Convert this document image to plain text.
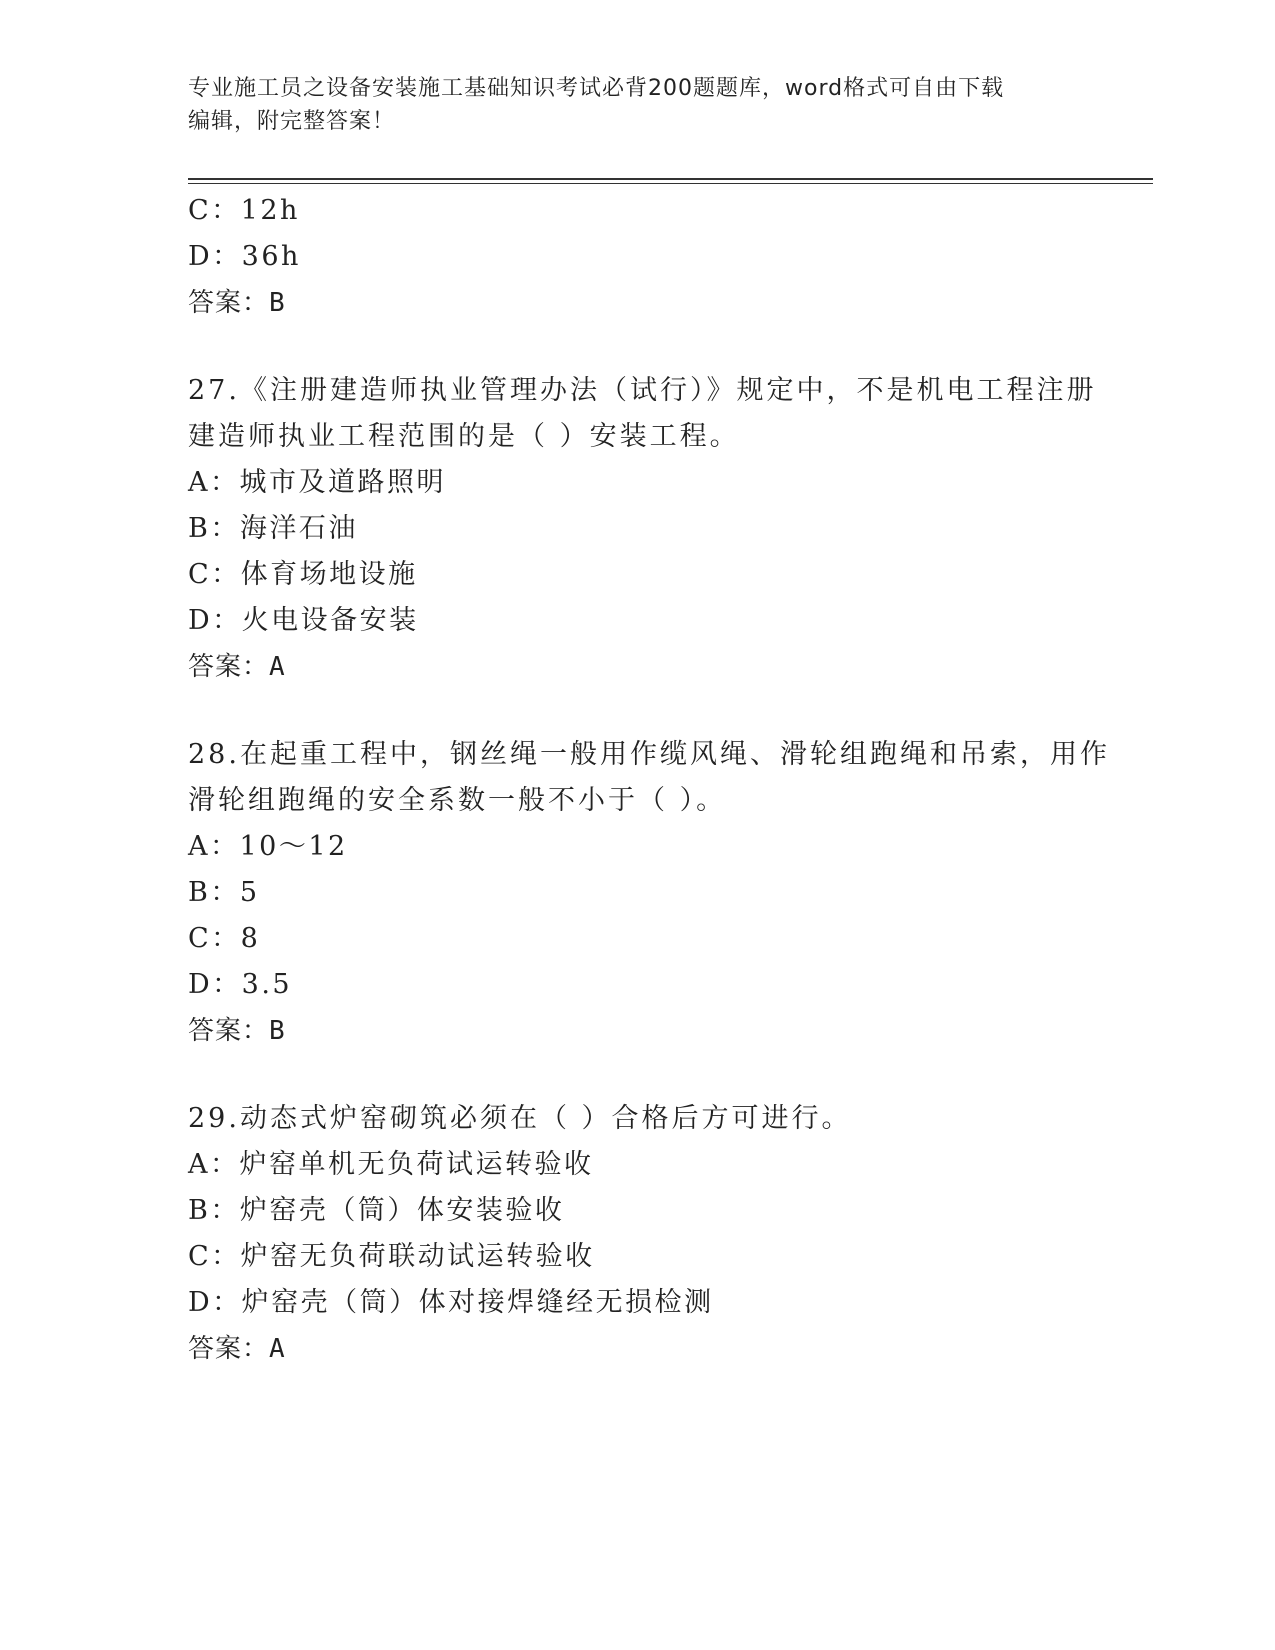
专业施工员之设备安装施工基础知识考试必背200题题库，word格式可自由下载
编辑，附完整答案！
C：12h
D：36h
答案：B
27.《注册建造师执业管理办法（试行）》规定中，不是机电工程注册
建造师执业工程范围的是（ ）安装工程。
A：城市及道路照明
B：海洋石油
C：体育场地设施
D：火电设备安装
答案：A
28.在起重工程中，钢丝绳一般用作缆风绳、滑轮组跑绳和吊索，用作
滑轮组跑绳的安全系数一般不小于（ ）。
A：10～12
B：5
C：8
D：3.5
答案：B
29.动态式炉窑砌筑必须在（ ）合格后方可进行。
A：炉窑单机无负荷试运转验收
B：炉窑壳（筒）体安装验收
C：炉窑无负荷联动试运转验收
D：炉窑壳（筒）体对接焊缝经无损检测
答案：A
